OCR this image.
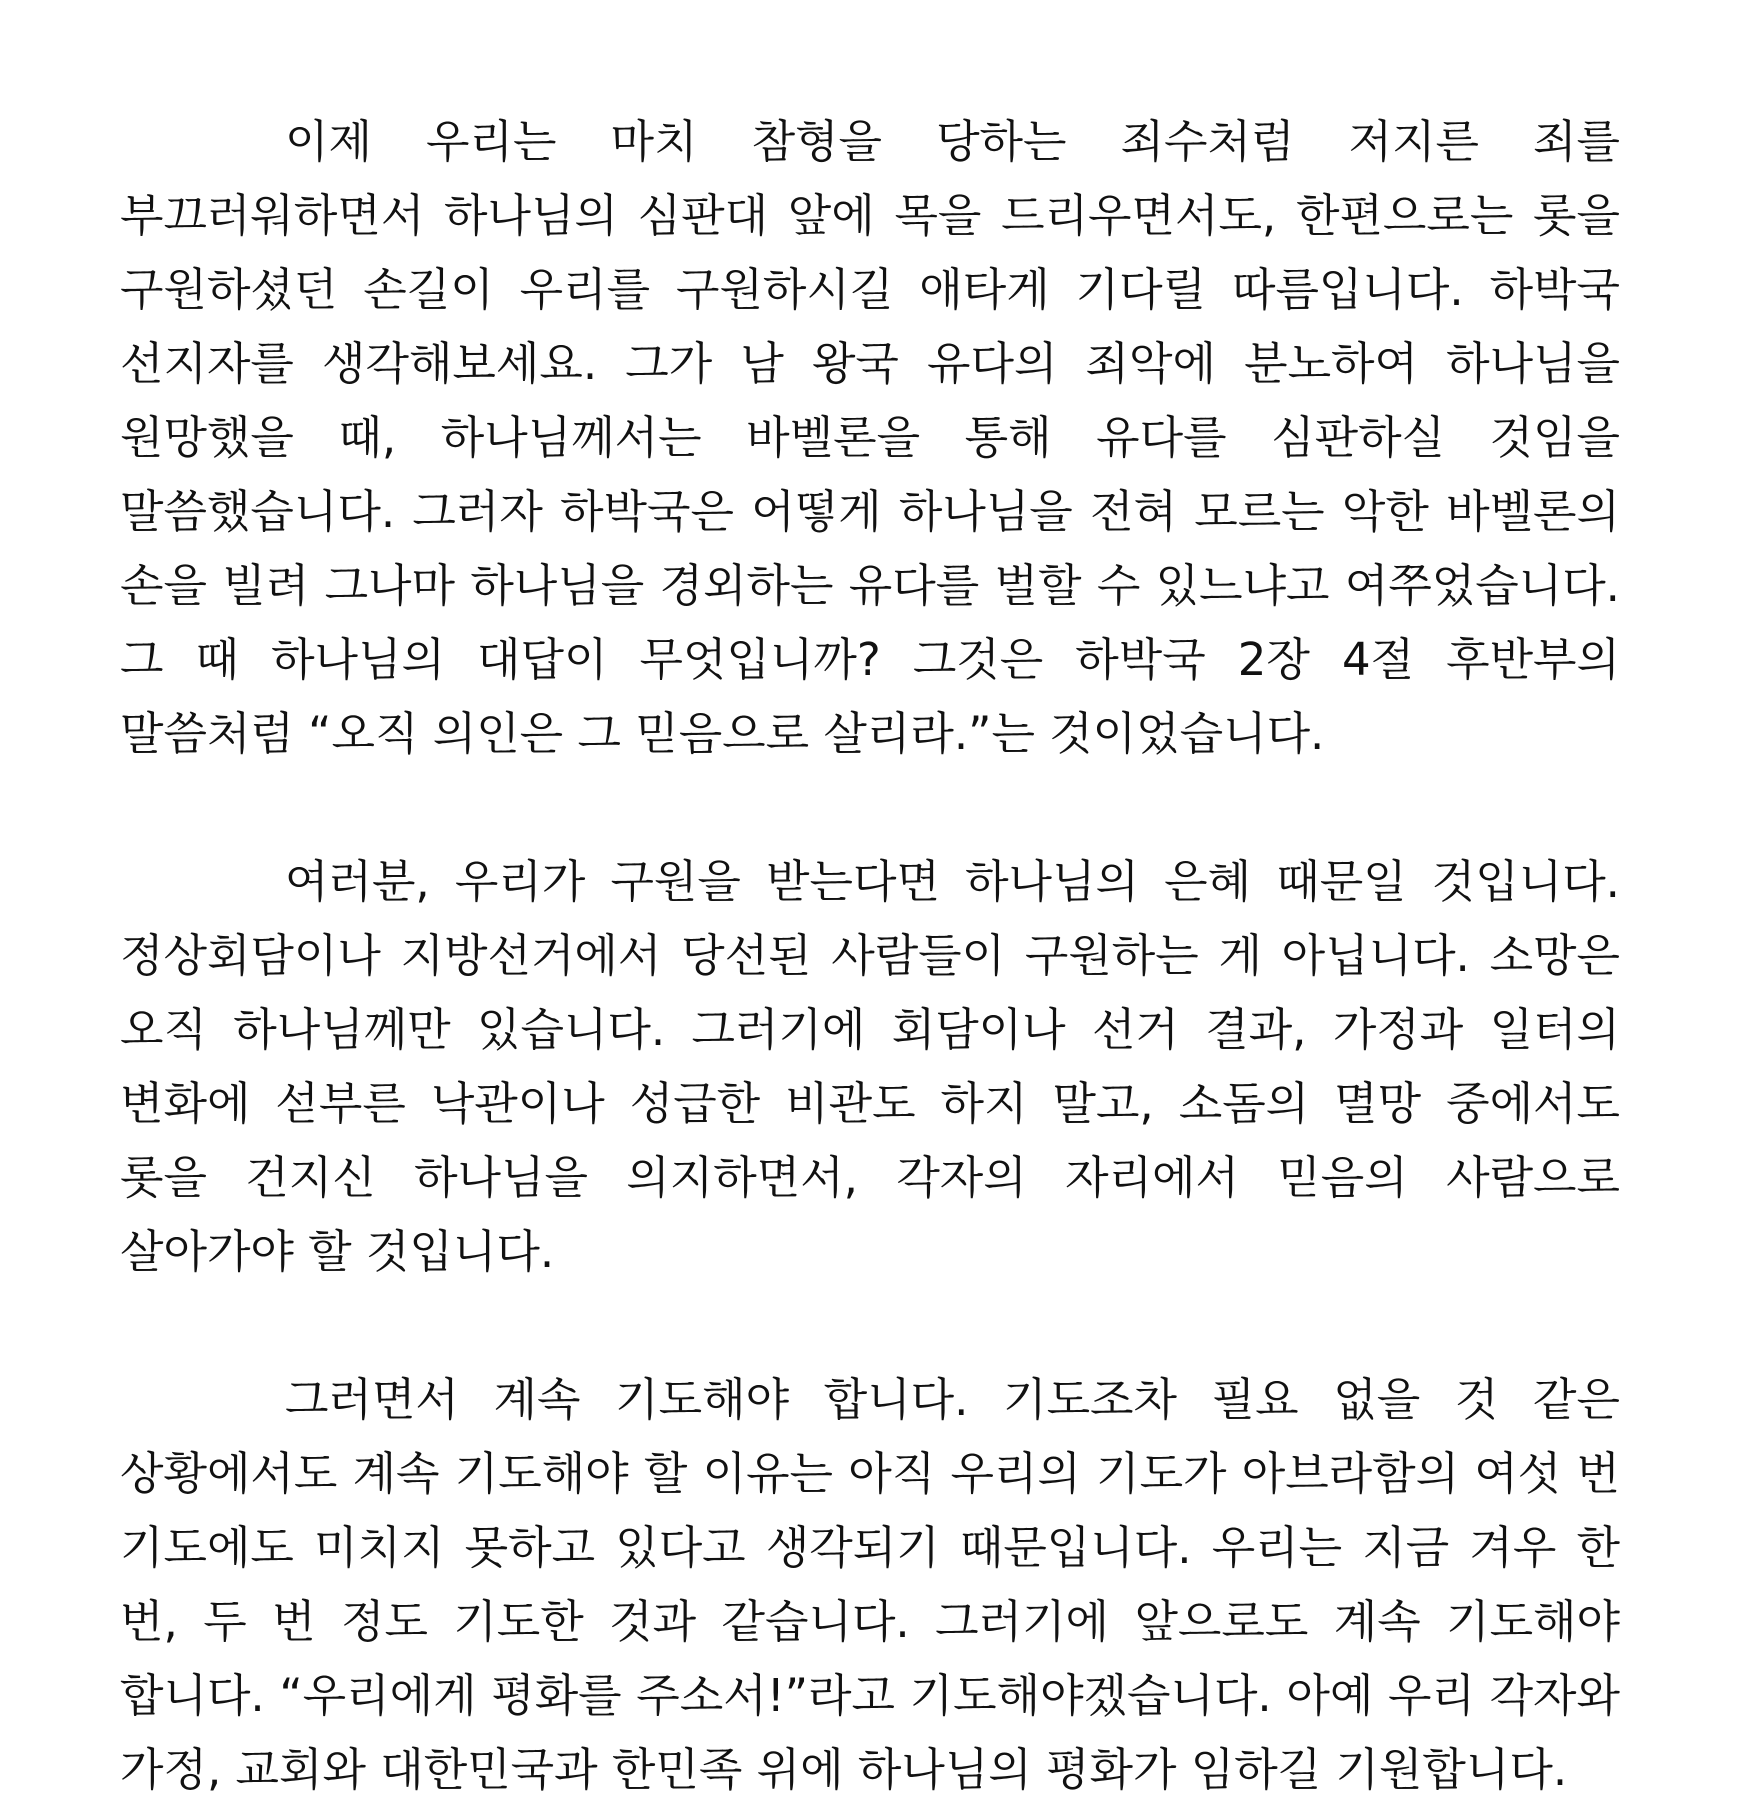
이제 우리는 마치 참형을 당하는 죄수처럼 저지른 죄를 부끄러워하면서 하나님의 심판대 앞에 목을 드리우면서도, 한편으로는 롯을 구원하셨던 손길이 우리를 구원하시길 애타게 기다릴 따름입니다. 하박국 선지자를 생각해보세요. 그가 남 왕국 유다의 죄악에 분노하여 하나님을 원망했을 때, 하나님께서는 바벨론을 통해 유다를 심판하실 것임을 말씀했습니다. 그러자 하박국은 어떻게 하나님을 전혀 모르는 악한 바벨론의 손을 빌려 그나마 하나님을 경외하는 유다를 벌할 수 있느냐고 여쭈었습니다. 그 때 하나님의 대답이 무엇입니까? 그것은 하박국 2장 4절 후반부의 말씀처럼 “오직 의인은 그 믿음으로 살리라.”는 것이었습니다.

여러분, 우리가 구원을 받는다면 하나님의 은혜 때문일 것입니다. 정상회담이나 지방선거에서 당선된 사람들이 구원하는 게 아닙니다. 소망은 오직 하나님께만 있습니다. 그러기에 회담이나 선거 결과, 가정과 일터의 변화에 섣부른 낙관이나 성급한 비관도 하지 말고, 소돔의 멸망 중에서도 롯을 건지신 하나님을 의지하면서, 각자의 자리에서 믿음의 사람으로 살아가야 할 것입니다.

그러면서 계속 기도해야 합니다. 기도조차 필요 없을 것 같은 상황에서도 계속 기도해야 할 이유는 아직 우리의 기도가 아브라함의 여섯 번 기도에도 미치지 못하고 있다고 생각되기 때문입니다. 우리는 지금 겨우 한 번, 두 번 정도 기도한 것과 같습니다. 그러기에 앞으로도 계속 기도해야 합니다. “우리에게 평화를 주소서!”라고 기도해야겠습니다. 아예 우리 각자와 가정, 교회와 대한민국과 한민족 위에 하나님의 평화가 임하길 기원합니다.
